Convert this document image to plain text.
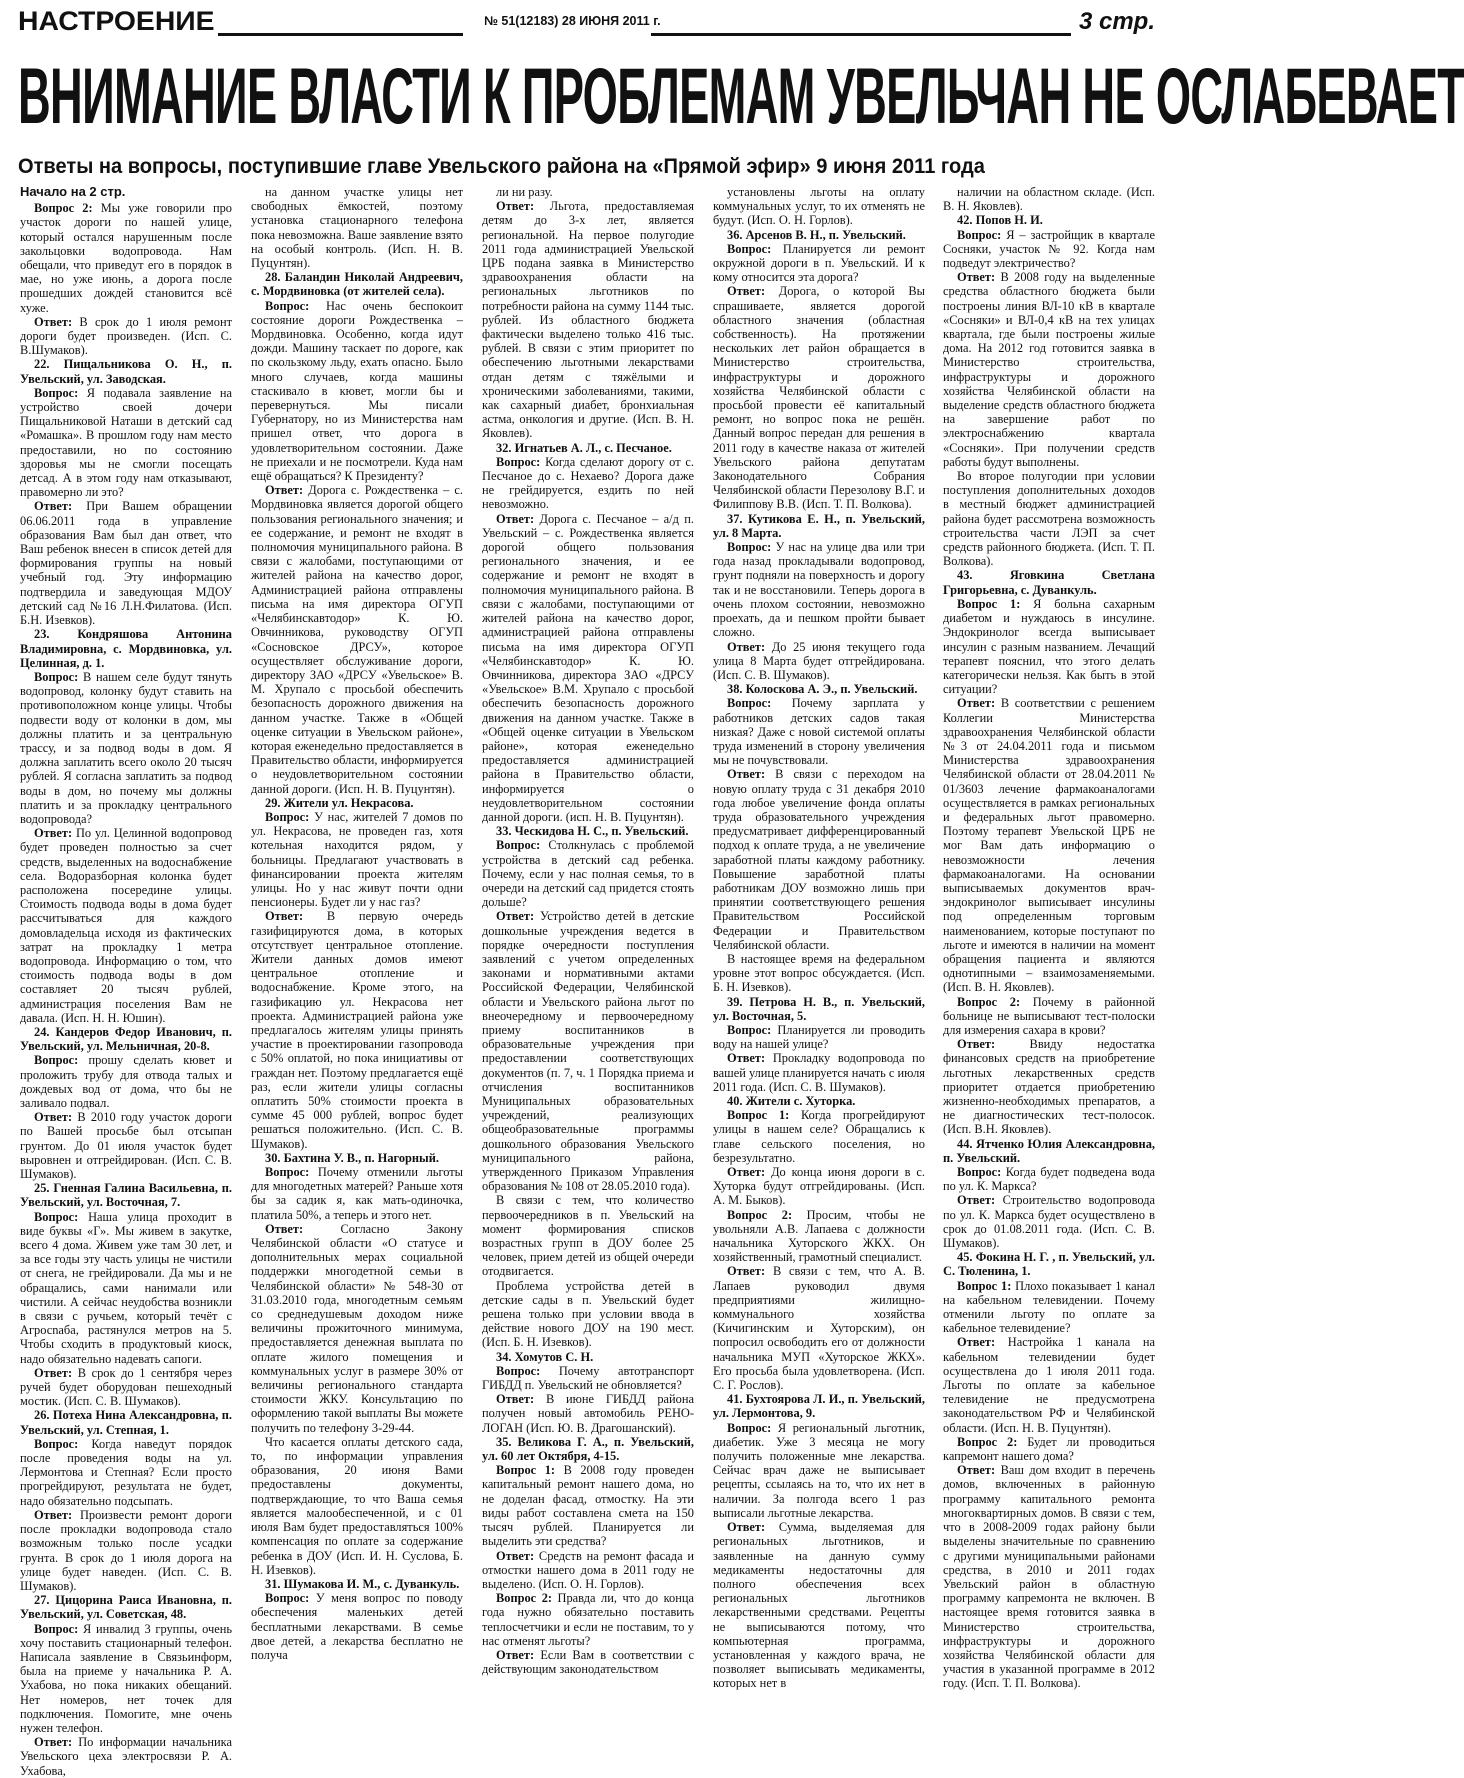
НАСТРОЕНИЕ	№ 51(12183) 28 ИЮНЯ 2011 г.	3 стр.
ВНИМАНИЕ ВЛАСТИ К ПРОБЛЕМАМ УВЕЛЬЧАН НЕ ОСЛАБЕВАЕТ
Ответы на вопросы, поступившие главе Увельского района на «Прямой эфир» 9 июня 2011 года

Начало на 2 стр.

Вопрос 2: Мы уже говорили про участок дороги по нашей улице, который остался нарушенным после закольцовки водопровода. Нам обещали, что приведут его в порядок в мае, но уже июнь, а дорога после прошедших дождей становится всё хуже.

Ответ: В срок до 1 июля ремонт дороги будет произведен. (Исп. С. В.Шумаков).

22. Пищальникова О. Н., п. Увельский, ул. Заводская.

Вопрос: Я подавала заявление на устройство своей дочери Пищальниковой Наташи в детский сад «Ромашка». В прошлом году нам место предоставили, но по состоянию здоровья мы не смогли посещать детсад. А в этом году нам отказывают, правомерно ли это?

Ответ: При Вашем обращении 06.06.2011 года в управление образования Вам был дан ответ, что Ваш ребенок внесен в список детей для формирования группы на новый учебный год. Эту информацию подтвердила и заведующая МДОУ детский сад №16 Л.Н.Филатова. (Исп. Б.Н. Изевков).

23. Кондряшова Антонина Владимировна, с. Мордвиновка, ул. Целинная, д. 1.

Вопрос: В нашем селе будут тянуть водопровод, колонку будут ставить на противоположном конце улицы. Чтобы подвести воду от колонки в дом, мы должны платить и за центральную трассу, и за подвод воды в дом. Я должна заплатить всего около 20 тысяч рублей. Я согласна заплатить за подвод воды в дом, но почему мы должны платить и за прокладку центрального водопровода?

Ответ: По ул. Целинной водопровод будет проведен полностью за счет средств, выделенных на водоснабжение села. Водоразборная колонка будет расположена посередине улицы. Стоимость подвода воды в дома будет рассчитываться для каждого домовладельца исходя из фактических затрат на прокладку 1 метра водопровода. Информацию о том, что стоимость подвода воды в дом составляет 20 тысяч рублей, администрация поселения Вам не давала. (Исп. Н. Н. Юшин).

24. Кандеров Федор Иванович, п. Увельский, ул. Мельничная, 20-8.

Вопрос: прошу сделать кювет и проложить трубу для отвода талых и дождевых вод от дома, что бы не заливало подвал.

Ответ: В 2010 году участок дороги по Вашей просьбе был отсыпан грунтом. До 01 июля участок будет выровнен и отгрейдирован. (Исп. С. В. Шумаков).

25. Гненная Галина Васильевна, п. Увельский, ул. Восточная, 7.

Вопрос: Наша улица проходит в виде буквы «Г». Мы живем в закутке, всего 4 дома. Живем уже там 30 лет, и за все годы эту часть улицы не чистили от снега, не грейдировали. Да мы и не обращались, сами нанимали или чистили. А сейчас неудобства возникли в связи с ручьем, который течёт с Агросnaба, растянулся метров на 5. Чтобы сходить в продуктовый киоск, надо обязательно надевать сапоги.

Ответ: В срок до 1 сентября через ручей будет оборудован пешеходный мостик. (Исп. С. В. Шумаков).

26. Потеха Нина Александровна, п. Увельский, ул. Степная, 1.

Вопрос: Когда наведут порядок после проведения воды на ул. Лермонтова и Степная? Если просто прогрейдируют, результата не будет, надо обязательно подсыпать.

Ответ: Произвести ремонт дороги после прокладки водопровода стало возможным только после усадки грунта. В срок до 1 июля дорога на улице будет наведен. (Исп. С. В. Шумаков).

27. Цицорина Раиса Ивановна, п. Увельский, ул. Советская, 48.

Вопрос: Я инвалид 3 группы, очень хочу поставить стационарный телефон. Написала заявление в Связьинформ, была на приеме у начальника Р. А. Ухабова, но пока никаких обещаний. Нет номеров, нет точек для подключения. Помогите, мне очень нужен телефон.

Ответ: По информации начальника Увельского цеха электросвязи Р. А. Ухабова,

на данном участке улицы нет свободных ёмкостей, поэтому установка стационарного телефона пока невозможна. Ваше заявление взято на особый контроль. (Исп. Н. В. Пуцунтян).

28. Баландин Николай Андреевич, с. Мордвиновка (от жителей села).

Вопрос: Нас очень беспокоит состояние дороги Рождественка – Мордвиновка. Особенно, когда идут дожди. Машину таскает по дороге, как по скользкому льду, ехать опасно. Было много случаев, когда машины стаскивало в кювет, могли бы и перевернуться. Мы писали Губернатору, но из Министерства нам пришел ответ, что дорога в удовлетворительном состоянии. Даже не приехали и не посмотрели. Куда нам ещё обращаться? К Президенту?

Ответ: Дорога с. Рождественка – с. Мордвиновка является дорогой общего пользования регионального значения; и ее содержание, и ремонт не входят в полномочия муниципального района. В связи с жалобами, поступающими от жителей района на качество дорог, Администрацией района отправлены письма на имя директора ОГУП «Челябинскавтодор» К. Ю. Овчинникова, руководству ОГУП «Сосновское ДРСУ», которое осуществляет обслуживание дороги, директору ЗАО «ДРСУ «Увельское» В. М. Хрупало с просьбой обеспечить безопасность дорожного движения на данном участке. Также в «Общей оценке ситуации в Увельском районе», которая еженедельно предоставляется в Правительство области, информируется о неудовлетворительном состоянии данной дороги. (Исп. Н. В. Пуцунтян).

29. Жители ул. Некрасова.

Вопрос: У нас, жителей 7 домов по ул. Некрасова, не проведен газ, хотя котельная находится рядом, у больницы. Предлагают участвовать в финансировании проекта жителям улицы. Но у нас живут почти одни пенсионеры. Будет ли у нас газ?

Ответ: В первую очередь газифицируются дома, в которых отсутствует центральное отопление. Жители данных домов имеют центральное отопление и водоснабжение. Кроме этого, на газификацию ул. Некрасова нет проекта. Администрацией района уже предлагалось жителям улицы принять участие в проектировании газопровода с 50% оплатой, но пока инициативы от граждан нет. Поэтому предлагается ещё раз, если жители улицы согласны оплатить 50% стоимости проекта в сумме 45 000 рублей, вопрос будет решаться положительно. (Исп. С. В. Шумаков).

30. Бахтина У. В., п. Нагорный.

Вопрос: Почему отменили льготы для многодетных матерей? Раньше хотя бы за садик я, как мать-одиночка, платила 50%, а теперь и этого нет.

Ответ: Согласно Закону Челябинской области «О статусе и дополнительных мерах социальной поддержки многодетной семьи в Челябинской области» № 548-30 от 31.03.2010 года, многодетным семьям со среднедушевым доходом ниже величины прожиточного минимума, предоставляется денежная выплата по оплате жилого помещения и коммунальных услуг в размере 30% от величины регионального стандарта стоимости ЖКУ. Консультацию по оформлению такой выплаты Вы можете получить по телефону 3-29-44.

Что касается оплаты детского сада, то, по информации управления образования, 20 июня Вами предоставлены документы, подтверждающие, то что Ваша семья является малообеспеченной, и с 01 июля Вам будет предоставляться 100% компенсация по оплате за содержание ребенка в ДОУ (Исп. И. Н. Суслова, Б. Н. Изевков).

31. Шумакова И. М., с. Дуванкуль.

Вопрос: У меня вопрос по поводу обеспечения маленьких детей бесплатными лекарствами. В семье двое детей, а лекарства бесплатно не получа

ли ни разу.

Ответ: Льгота, предоставляемая детям до 3-х лет, является региональной. На первое полугодие 2011 года администрацией Увельской ЦРБ подана заявка в Министерство здравоохранения области на региональных льготников по потребности района на сумму 1144 тыс. рублей. Из областного бюджета фактически выделено только 416 тыс. рублей. В связи с этим приоритет по обеспечению льготными лекарствами отдан детям с тяжёлыми и хроническими заболеваниями, такими, как сахарный диабет, бронхиальная астма, онкология и другие. (Исп. В. Н. Яковлев).

32. Игнатьев А. Л., с. Песчаное.

Вопрос: Когда сделают дорогу от с. Песчаное до с. Нехаево? Дорога даже не грейдируется, ездить по ней невозможно.

Ответ: Дорога с. Песчаное – а/д п. Увельский – с. Рождественка является дорогой общего пользования регионального значения, и ее содержание и ремонт не входят в полномочия муниципального района. В связи с жалобами, поступающими от жителей района на качество дорог, администрацией района отправлены письма на имя директора ОГУП «Челябинскавтодор» К. Ю. Овчинникова, директора ЗАО «ДРСУ «Увельское» В.М. Хрупало с просьбой обеспечить безопасность дорожного движения на данном участке. Также в «Общей оценке ситуации в Увельском районе», которая еженедельно предоставляется администрацией района в Правительство области, информируется о неудовлетворительном состоянии данной дороги. (исп. Н. В. Пуцунтян).

33. Ческидова Н. С., п. Увельский.

Вопрос: Столкнулась с проблемой устройства в детский сад ребенка. Почему, если у нас полная семья, то в очереди на детский сад придется стоять дольше?

Ответ: Устройство детей в детские дошкольные учреждения ведется в порядке очередности поступления заявлений с учетом определенных законами и нормативными актами Российской Федерации, Челябинской области и Увельского района льгот по внеочередному и первоочередному приему воспитанников в образовательные учреждения при предоставлении соответствующих документов (п. 7, ч. 1 Порядка приема и отчисления воспитанников Муниципальных образовательных учреждений, реализующих общеобразовательные программы дошкольного образования Увельского муниципального района, утвержденного Приказом Управления образования № 108 от 28.05.2010 года).

В связи с тем, что количество первоочередников в п. Увельский на момент формирования списков возрастных групп в ДОУ более 25 человек, прием детей из общей очереди отодвигается.

Проблема устройства детей в детские сады в п. Увельский будет решена только при условии ввода в действие нового ДОУ на 190 мест. (Исп. Б. Н. Изевков).

34. Хомутов С. Н.

Вопрос: Почему автотранспорт ГИБДД п. Увельский не обновляется?

Ответ: В июне ГИБДД района получен новый автомобиль РЕНО-ЛОГАН (Исп. Ю. В. Драгошанский).

35. Великова Г. А., п. Увельский, ул. 60 лет Октября, 4-15.

Вопрос 1: В 2008 году проведен капитальный ремонт нашего дома, но не доделан фасад, отмостку. На эти виды работ составлена смета на 150 тысяч рублей. Планируется ли выделить эти средства?

Ответ: Средств на ремонт фасада и отмостки нашего дома в 2011 году не выделено. (Исп. О. Н. Горлов).

Вопрос 2: Правда ли, что до конца года нужно обязательно поставить теплосчетчики и если не поставим, то у нас отменят льготы?

Ответ: Если Вам в соответствии с действующим законодательством

установлены льготы на оплату коммунальных услуг, то их отменять не будут. (Исп. О. Н. Горлов).

36. Арсенов В. Н., п. Увельский.

Вопрос: Планируется ли ремонт окружной дороги в п. Увельский. И к кому относится эта дорога?

Ответ: Дорога, о которой Вы спрашиваете, является дорогой областного значения (областная собственность). На протяжении нескольких лет район обращается в Министерство строительства, инфраструктуры и дорожного хозяйства Челябинской области с просьбой провести её капитальный ремонт, но вопрос пока не решён. Данный вопрос передан для решения в 2011 году в качестве наказа от жителей Увельского района депутатам Законодательного Собрания Челябинской области Перезолову В.Г. и Филиппову В.В. (Исп. Т. П. Волкова).

37. Кутикова Е. Н., п. Увельский, ул. 8 Марта.

Вопрос: У нас на улице два или три года назад прокладывали водопровод, грунт подняли на поверхность и дорогу так и не восстановили. Теперь дорога в очень плохом состоянии, невозможно проехать, да и пешком пройти бывает сложно.

Ответ: До 25 июня текущего года улица 8 Марта будет отгрейдирована. (Исп. С. В. Шумаков).

38. Колоскова А. Э., п. Увельский.

Вопрос: Почему зарплата у работников детских садов такая низкая? Даже с новой системой оплаты труда изменений в сторону увеличения мы не почувствовали.

Ответ: В связи с переходом на новую оплату труда с 31 декабря 2010 года любое увеличение фонда оплаты труда образовательного учреждения предусматривает дифференцированный подход к оплате труда, а не увеличение заработной платы каждому работнику. Повышение заработной платы работникам ДОУ возможно лишь при принятии соответствующего решения Правительством Российской Федерации и Правительством Челябинской области.

В настоящее время на федеральном уровне этот вопрос обсуждается. (Исп. Б. Н. Изевков).

39. Петрова Н. В., п. Увельский, ул. Восточная, 5.

Вопрос: Планируется ли проводить воду на нашей улице?

Ответ: Прокладку водопровода по вашей улице планируется начать с июля 2011 года. (Исп. С. В. Шумаков).

40. Жители с. Хуторка.

Вопрос 1: Когда прогрейдируют улицы в нашем селе? Обращались к главе сельского поселения, но безрезультатно.

Ответ: До конца июня дороги в с. Хуторка будут отгрейдированы. (Исп. А. М. Быков).

Вопрос 2: Просим, чтобы не увольняли А.В. Лапаева с должности начальника Хуторского ЖКХ. Он хозяйственный, грамотный специалист.

Ответ: В связи с тем, что А. В. Лапаев руководил двумя предприятиями жилищно-коммунального хозяйства (Кичигинским и Хуторским), он попросил освободить его от должности начальника МУП «Хуторское ЖКХ». Его просьба была удовлетворена. (Исп. С. Г. Рослов).

41. Бухтоярова Л. И., п. Увельский, ул. Лермонтова, 9.

Вопрос: Я региональный льготник, диабетик. Уже 3 месяца не могу получить положенные мне лекарства. Сейчас врач даже не выписывает рецепты, ссылаясь на то, что их нет в наличии. За полгода всего 1 раз выписали льготные лекарства.

Ответ: Сумма, выделяемая для региональных льготников, и заявленные на данную сумму медикаменты недостаточны для полного обеспечения всех региональных льготников лекарственными средствами. Рецепты не выписываются потому, что компьютерная программа, установленная у каждого врача, не позволяет выписывать медикаменты, которых нет в

наличии на областном складе. (Исп. В. Н. Яковлев).

42. Попов Н. И.

Вопрос: Я – застройщик в квартале Сосняки, участок № 92. Когда нам подведут электричество?

Ответ: В 2008 году на выделенные средства областного бюджета были построены линия ВЛ-10 кВ в квартале «Сосняки» и ВЛ-0,4 кВ на тех улицах квартала, где были построены жилые дома. На 2012 год готовится заявка в Министерство строительства, инфраструктуры и дорожного хозяйства Челябинской области на выделение средств областного бюджета на завершение работ по электроснабжению квартала «Сосняки». При получении средств работы будут выполнены.

Во второе полугодии при условии поступления дополнительных доходов в местный бюджет администрацией района будет рассмотрена возможность строительства части ЛЭП за счет средств районного бюджета. (Исп. Т. П. Волкова).

43. Яговкина Светлана Григорьевна, с. Дуванкуль.

Вопрос 1: Я больна сахарным диабетом и нуждаюсь в инсулине. Эндокринолог всегда выписывает инсулин с разным названием. Лечащий терапевт пояснил, что этого делать категорически нельзя. Как быть в этой ситуации?

Ответ: В соответствии с решением Коллегии Министерства здравоохранения Челябинской области №3 от 24.04.2011 года и письмом Министерства здравоохранения Челябинской области от 28.04.2011 № 01/3603 лечение фармакоаналогами осуществляется в рамках региональных и федеральных льгот правомерно. Поэтому терапевт Увельской ЦРБ не мог Вам дать информацию о невозможности лечения фармакоаналогами. На основании выписываемых документов врач-эндокринолог выписывает инсулины под определенным торговым наименованием, которые поступают по льготе и имеются в наличии на момент обращения пациента и являются однотипными – взаимозаменяемыми. (Исп. В. Н. Яковлев).

Вопрос 2: Почему в районной больнице не выписывают тест-полоски для измерения сахара в крови?

Ответ: Ввиду недостатка финансовых средств на приобретение льготных лекарственных средств приоритет отдается приобретению жизненно-необходимых препаратов, а не диагностических тест-полосок. (Исп. В.Н. Яковлев).

44. Ятченко Юлия Александровна, п. Увельский.

Вопрос: Когда будет подведена вода по ул. К. Маркса?

Ответ: Строительство водопровода по ул. К. Маркса будет осуществлено в срок до 01.08.2011 года. (Исп. С. В. Шумаков).

45. Фокина Н. Г. , п. Увельский, ул. С. Тюленина, 1.

Вопрос 1: Плохо показывает 1 канал на кабельном телевидении. Почему отменили льготу по оплате за кабельное телевидение?

Ответ: Настройка 1 канала на кабельном телевидении будет осуществлена до 1 июля 2011 года. Льготы по оплате за кабельное телевидение не предусмотрена законодательством РФ и Челябинской области. (Исп. Н. В. Пуцунтян).

Вопрос 2: Будет ли проводиться капремонт нашего дома?

Ответ: Ваш дом входит в перечень домов, включенных в районную программу капитального ремонта многоквартирных домов. В связи с тем, что в 2008-2009 годах району были выделены значительные по сравнению с другими муниципальными районами средства, в 2010 и 2011 годах Увельский район в областную программу капремонта не включен. В настоящее время готовится заявка в Министерство строительства, инфраструктуры и дорожного хозяйства Челябинской области для участия в указанной программе в 2012 году. (Исп. Т. П. Волкова).
